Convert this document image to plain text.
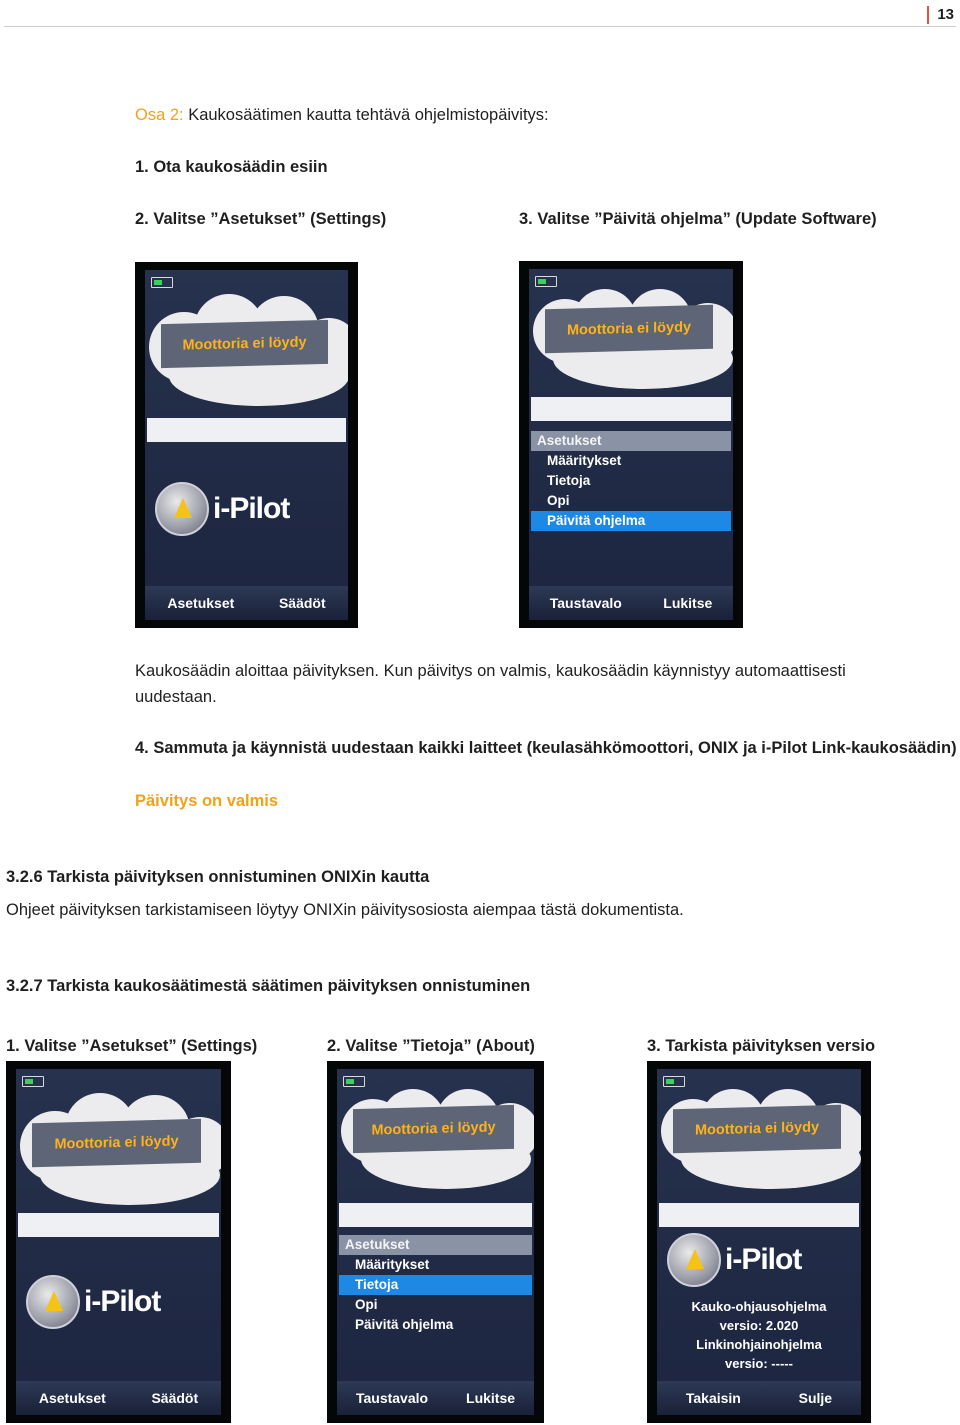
13
Osa 2: Kaukosäätimen kautta tehtävä ohjelmistopäivitys:
1. Ota kaukosäädin esiin
2. Valitse ”Asetukset” (Settings)	3. Valitse ”Päivitä ohjelma” (Update Software)
Moottoria ei löydy
i-Pilot
Asetukset	Säädöt
Moottoria ei löydy
Asetukset
Määritykset
Tietoja
Opi
Päivitä ohjelma
Taustavalo	Lukitse
Kaukosäädin aloittaa päivityksen. Kun päivitys on valmis, kaukosäädin käynnistyy automaattisesti uudestaan.
4. Sammuta ja käynnistä uudestaan kaikki laitteet (keulasähkömoottori, ONIX ja i-Pilot Link-kaukosäädin)
Päivitys on valmis
3.2.6 Tarkista päivityksen onnistuminen ONIXin kautta
Ohjeet päivityksen tarkistamiseen löytyy ONIXin päivitysosiosta aiempaa tästä dokumentista.
3.2.7 Tarkista kaukosäätimestä säätimen päivityksen onnistuminen
1. Valitse ”Asetukset” (Settings)	2. Valitse ”Tietoja” (About)	3. Tarkista päivityksen versio
Moottoria ei löydy
i-Pilot
Asetukset	Säädöt
Moottoria ei löydy
Asetukset
Määritykset
Tietoja
Opi
Päivitä ohjelma
Taustavalo	Lukitse
Moottoria ei löydy
i-Pilot
Kauko-ohjausohjelma
versio: 2.020
Linkinohjainohjelma
versio: -----
Takaisin	Sulje
